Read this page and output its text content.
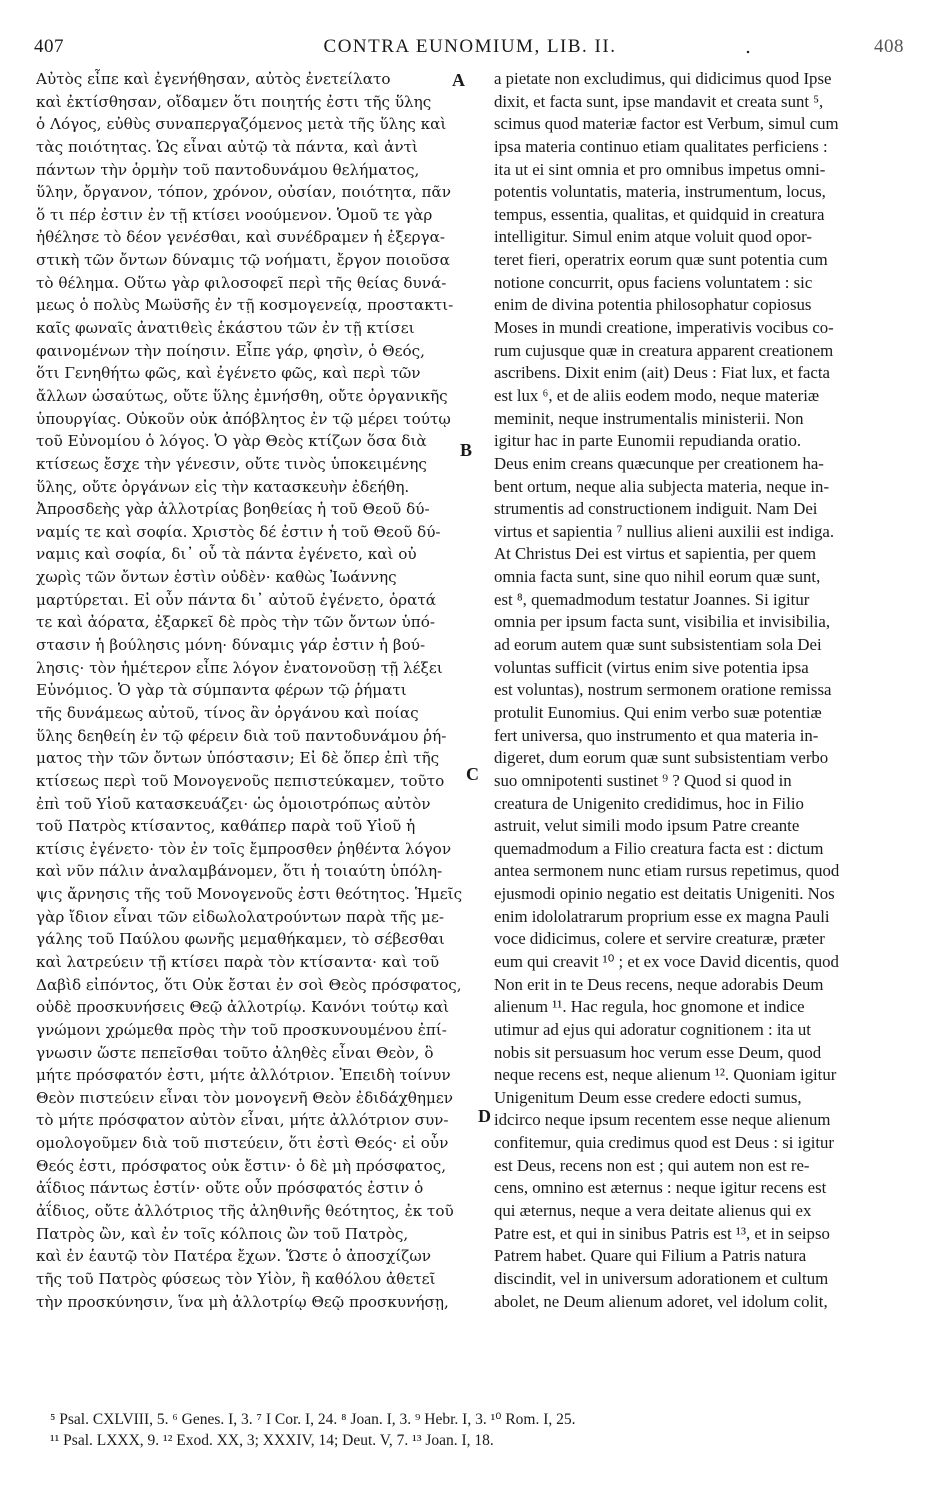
407	CONTRA EUNOMIUM, LIB. II.	.	408
Αὐτὸς εἶπε καὶ ἐγενήθησαν, αὐτὸς ἐνετείλατο
καὶ ἐκτίσθησαν, οἴδαμεν ὅτι ποιητής ἐστι τῆς ὕλης
ὁ Λόγος, εὐθὺς συναπεργαζόμενος μετὰ τῆς ὕλης καὶ
τὰς ποιότητας. Ὡς εἶναι αὐτῷ τὰ πάντα, καὶ ἀντὶ
πάντων τὴν ὁρμὴν τοῦ παντοδυνάμου θελήματος,
ὕλην, ὄργανον, τόπον, χρόνον, οὐσίαν, ποιότητα, πᾶν
ὅ τι πέρ ἐστιν ἐν τῇ κτίσει νοούμενον. Ὁμοῦ τε γὰρ
ἠθέλησε τὸ δέον γενέσθαι, καὶ συνέδραμεν ἡ ἐξεργα-
στικὴ τῶν ὄντων δύναμις τῷ νοήματι, ἔργον ποιοῦσα
τὸ θέλημα. Οὕτω γὰρ φιλοσοφεῖ περὶ τῆς θείας δυνά-
μεως ὁ πολὺς Μωϋσῆς ἐν τῇ κοσμογενείᾳ, προστακτι-
καῖς φωναῖς ἀνατιθεὶς ἑκάστου τῶν ἐν τῇ κτίσει
φαινομένων τὴν ποίησιν. Εἶπε γάρ, φησὶν, ὁ Θεός,
ὅτι Γενηθήτω φῶς, καὶ ἐγένετο φῶς, καὶ περὶ τῶν
ἄλλων ὡσαύτως, οὔτε ὕλης ἐμνήσθη, οὔτε ὀργανικῆς
ὑπουργίας. Οὐκοῦν οὐκ ἀπόβλητος ἐν τῷ μέρει τούτῳ
τοῦ Εὐνομίου ὁ λόγος. Ὁ γὰρ Θεὸς κτίζων ὅσα διὰ
κτίσεως ἔσχε τὴν γένεσιν, οὔτε τινὸς ὑποκειμένης
ὕλης, οὔτε ὀργάνων εἰς τὴν κατασκευὴν ἐδεήθη.
Ἀπροσδεὴς γὰρ ἀλλοτρίας βοηθείας ἡ τοῦ Θεοῦ δύ-
ναμίς τε καὶ σοφία. Χριστὸς δέ ἐστιν ἡ τοῦ Θεοῦ δύ-
ναμις καὶ σοφία, δι᾽ οὗ τὰ πάντα ἐγένετο, καὶ οὐ
χωρὶς τῶν ὄντων ἐστὶν οὐδὲν· καθὼς Ἰωάννης
μαρτύρεται. Εἰ οὖν πάντα δι᾽ αὐτοῦ ἐγένετο, ὁρατά
τε καὶ ἀόρατα, ἐξαρκεῖ δὲ πρὸς τὴν τῶν ὄντων ὑπό-
στασιν ἡ βούλησις μόνη· δύναμις γάρ ἐστιν ἡ βού-
λησις· τὸν ἡμέτερον εἶπε λόγον ἐνατονοῦσῃ τῇ λέξει
Εὐνόμιος. Ὁ γὰρ τὰ σύμπαντα φέρων τῷ ῥήματι
τῆς δυνάμεως αὐτοῦ, τίνος ἂν ὀργάνου καὶ ποίας
ὕλης δεηθείη ἐν τῷ φέρειν διὰ τοῦ παντοδυνάμου ῥή-
ματος τὴν τῶν ὄντων ὑπόστασιν; Εἰ δὲ ὅπερ ἐπὶ τῆς
κτίσεως περὶ τοῦ Μονογενοῦς πεπιστεύκαμεν, τοῦτο
ἐπὶ τοῦ Υἱοῦ κατασκευάζει· ὡς ὁμοιοτρόπως αὐτὸν
τοῦ Πατρὸς κτίσαντος, καθάπερ παρὰ τοῦ Υἱοῦ ἡ
κτίσις ἐγένετο· τὸν ἐν τοῖς ἔμπροσθεν ῥηθέντα λόγον
καὶ νῦν πάλιν ἀναλαμβάνομεν, ὅτι ἡ τοιαύτη ὑπόλη-
ψις ἄρνησις τῆς τοῦ Μονογενοῦς ἐστι θεότητος. Ἡμεῖς
γὰρ ἴδιον εἶναι τῶν εἰδωλολατρούντων παρὰ τῆς με-
γάλης τοῦ Παύλου φωνῆς μεμαθήκαμεν, τὸ σέβεσθαι
καὶ λατρεύειν τῇ κτίσει παρὰ τὸν κτίσαντα· καὶ τοῦ
Δαβὶδ εἰπόντος, ὅτι Οὐκ ἔσται ἐν σοὶ Θεὸς πρόσφατος,
οὐδὲ προσκυνήσεις Θεῷ ἀλλοτρίῳ. Κανόνι τούτῳ καὶ
γνώμονι χρώμεθα πρὸς τὴν τοῦ προσκυνουμένου ἐπί-
γνωσιν ὥστε πεπεῖσθαι τοῦτο ἀληθὲς εἶναι Θεὸν, ὃ
μήτε πρόσφατόν ἐστι, μήτε ἀλλότριον. Ἐπειδὴ τοίνυν
Θεὸν πιστεύειν εἶναι τὸν μονογενῆ Θεὸν ἐδιδάχθημεν
τὸ μήτε πρόσφατον αὐτὸν εἶναι, μήτε ἀλλότριον συν-
ομολογοῦμεν διὰ τοῦ πιστεύειν, ὅτι ἐστὶ Θεός· εἰ οὖν
Θεός ἐστι, πρόσφατος οὐκ ἔστιν· ὁ δὲ μὴ πρόσφατος,
ἀΐδιος πάντως ἐστίν· οὔτε οὖν πρόσφατός ἐστιν ὁ
ἀΐδιος, οὔτε ἀλλότριος τῆς ἀληθινῆς θεότητος, ἐκ τοῦ
Πατρὸς ὢν, καὶ ἐν τοῖς κόλποις ὢν τοῦ Πατρὸς,
καὶ ἐν ἑαυτῷ τὸν Πατέρα ἔχων. Ὥστε ὁ ἀποσχίζων
τῆς τοῦ Πατρὸς φύσεως τὸν Υἱὸν, ἢ καθόλου ἀθετεῖ
τὴν προσκύνησιν, ἵνα μὴ ἀλλοτρίῳ Θεῷ προσκυνήσῃ,
a pietate non excludimus, qui didicimus quod Ipse
dixit, et facta sunt, ipse mandavit et creata sunt ⁵,
scimus quod materiæ factor est Verbum, simul cum
ipsa materia continuo etiam qualitates perficiens :
ita ut ei sint omnia et pro omnibus impetus omni-
potentis voluntatis, materia, instrumentum, locus,
tempus, essentia, qualitas, et quidquid in creatura
intelligitur. Simul enim atque voluit quod opor-
teret fieri, operatrix eorum quæ sunt potentia cum
notione concurrit, opus faciens voluntatem : sic
enim de divina potentia philosophatur copiosus
Moses in mundi creatione, imperativis vocibus co-
rum cujusque quæ in creatura apparent creationem
ascribens. Dixit enim (ait) Deus : Fiat lux, et facta
est lux ⁶, et de aliis eodem modo, neque materiæ
meminit, neque instrumentalis ministerii. Non
igitur hac in parte Eunomii repudianda oratio.
Deus enim creans quæcunque per creationem ha-
bent ortum, neque alia subjecta materia, neque in-
strumentis ad constructionem indiguit. Nam Dei
virtus et sapientia ⁷ nullius alieni auxilii est indiga.
At Christus Dei est virtus et sapientia, per quem
omnia facta sunt, sine quo nihil eorum quæ sunt,
est ⁸, quemadmodum testatur Joannes. Si igitur
omnia per ipsum facta sunt, visibilia et invisibilia,
ad eorum autem quæ sunt subsistentiam sola Dei
voluntas sufficit (virtus enim sive potentia ipsa
est voluntas), nostrum sermonem oratione remissa
protulit Eunomius. Qui enim verbo suæ potentiæ
fert universa, quo instrumento et qua materia in-
digeret, dum eorum quæ sunt subsistentiam verbo
suo omnipotenti sustinet ⁹ ? Quod si quod in
creatura de Unigenito credidimus, hoc in Filio
astruit, velut simili modo ipsum Patre creante
quemadmodum a Filio creatura facta est : dictum
antea sermonem nunc etiam rursus repetimus, quod
ejusmodi opinio negatio est deitatis Unigeniti. Nos
enim idololatrarum proprium esse ex magna Pauli
voce didicimus, colere et servire creaturæ, præter
eum qui creavit ¹⁰ ; et ex voce David dicentis, quod
Non erit in te Deus recens, neque adorabis Deum
alienum ¹¹. Hac regula, hoc gnomone et indice
utimur ad ejus qui adoratur cognitionem : ita ut
nobis sit persuasum hoc verum esse Deum, quod
neque recens est, neque alienum ¹². Quoniam igitur
Unigenitum Deum esse credere edocti sumus,
idcirco neque ipsum recentem esse neque alienum
confitemur, quia credimus quod est Deus : si igitur
est Deus, recens non est ; qui autem non est re-
cens, omnino est æternus : neque igitur recens est
qui æternus, neque a vera deitate alienus qui ex
Patre est, et qui in sinibus Patris est ¹³, et in seipso
Patrem habet. Quare qui Filium a Patris natura
discindit, vel in universum adorationem et cultum
abolet, ne Deum alienum adoret, vel idolum colit,
A
B
C
D
⁵ Psal. CXLVIII, 5. ⁶ Genes. I, 3. ⁷ I Cor. I, 24. ⁸ Joan. I, 3. ⁹ Hebr. I, 3. ¹⁰ Rom. I, 25.
¹¹ Psal. LXXX, 9. ¹² Exod. XX, 3; XXXIV, 14; Deut. V, 7. ¹³ Joan. I, 18.
